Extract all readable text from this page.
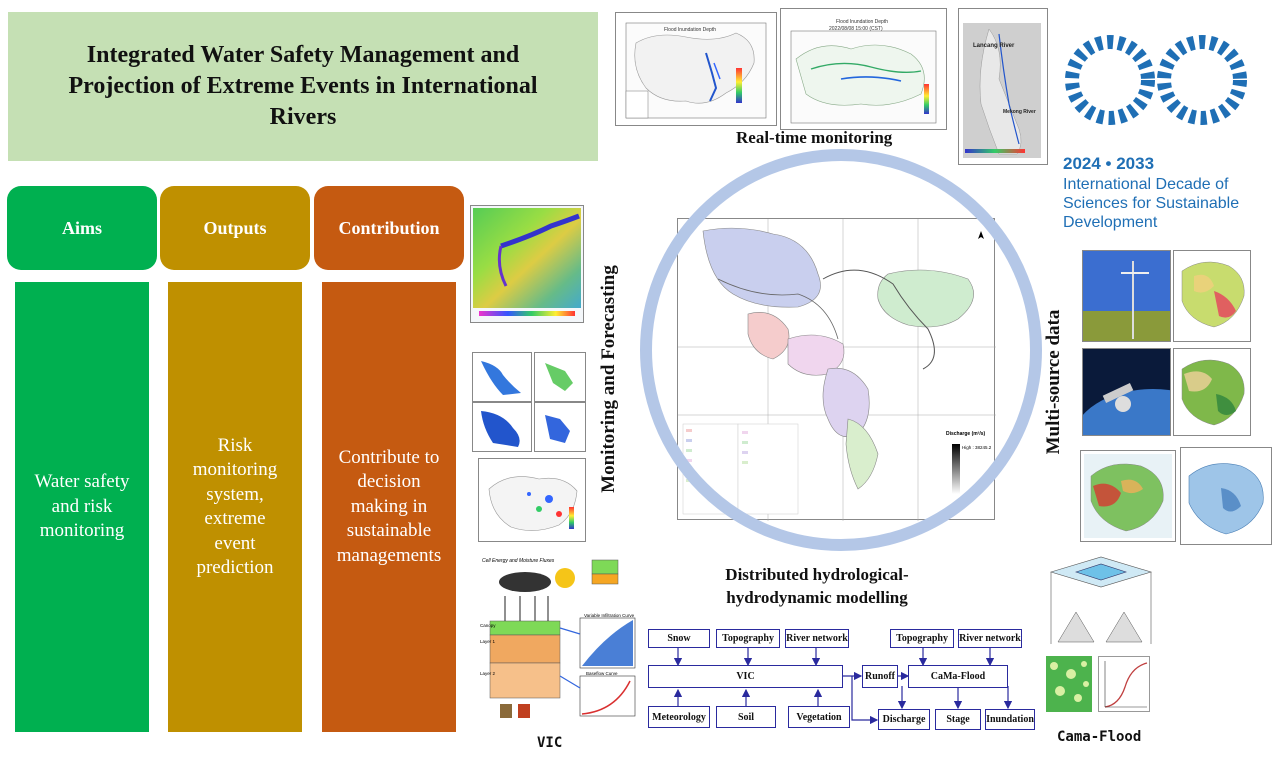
Integrated Water Safety Management and Projection of Extreme Events in International Rivers
Aims	Outputs	Contribution
Water safety and risk monitoring
Risk monitoring system, extreme event prediction
Contribute to decision making in sustainable managements
Flood Inundation Depth
Flood Inundation Depth
2022/08/08 15:00 (CST)
Lancang River
Mekong River
Real-time monitoring
2024 • 2033
International Decade of
Sciences for Sustainable
Development
Monitoring and Forecasting	Discharge (m³/s)
High : 38245.2	Multi-source data
Distributed hydrological-hydrodynamic modelling
Cell Energy and Moisture Fluxes
Variable Infiltration Curve
Baseflow Curve
Canopy
Layer 1
Layer 2
VIC	Cama-Flood
Snow	Topography River network
VIC
Meteorology	Soil	Vegetation
Runoff
Topography River network
CaMa-Flood
Discharge Stage Inundation
